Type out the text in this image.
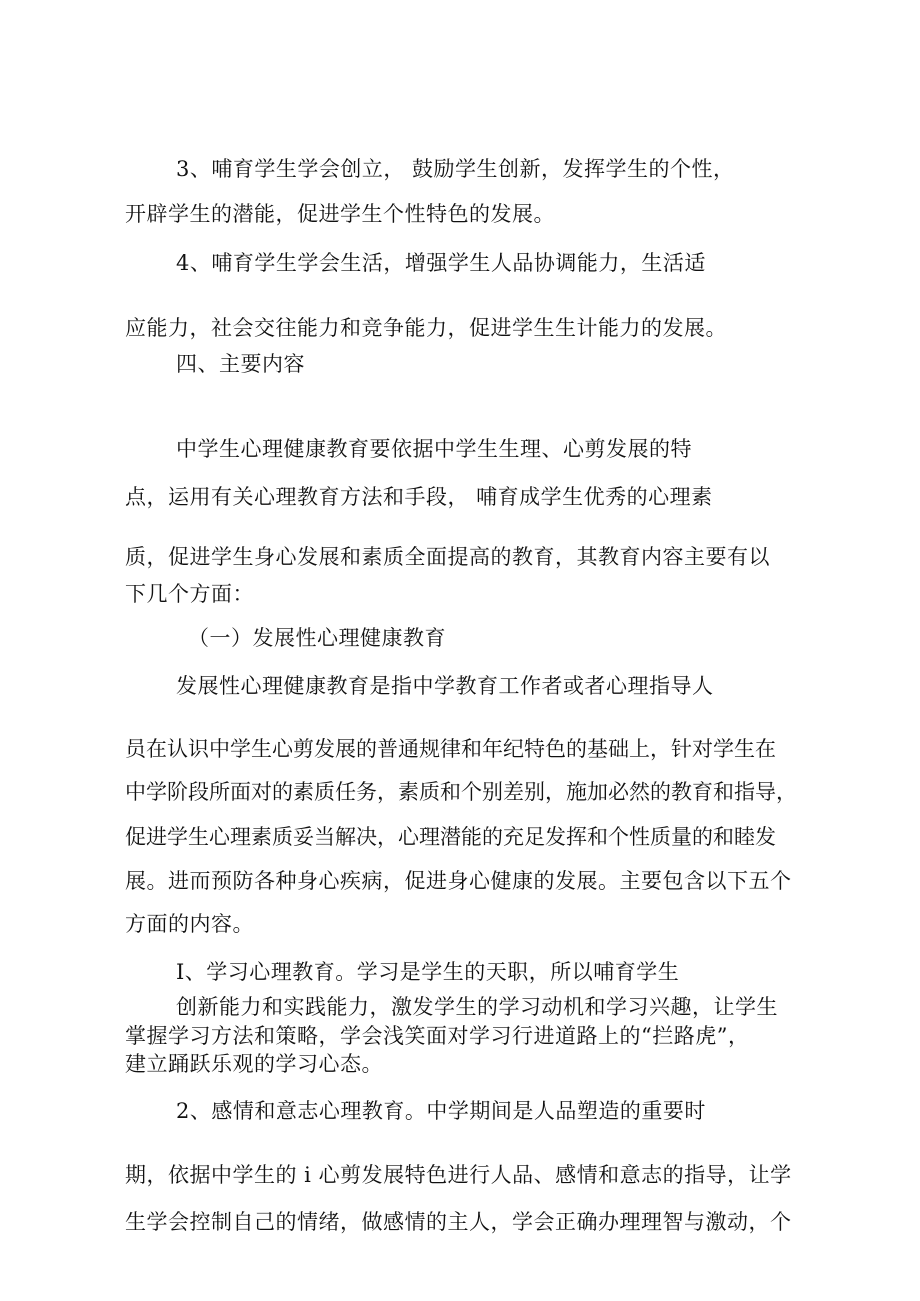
3、哺育学生学会创立， 鼓励学生创新，发挥学生的个性，
开辟学生的潜能，促进学生个性特色的发展。
4、哺育学生学会生活，增强学生人品协调能力，生活适
应能力，社会交往能力和竞争能力，促进学生生计能力的发展。
四、主要内容
中学生心理健康教育要依据中学生生理、心剪发展的特
点，运用有关心理教育方法和手段， 哺育成学生优秀的心理素
质，促进学生身心发展和素质全面提高的教育，其教育内容主要有以
下几个方面：
（一）发展性心理健康教育
发展性心理健康教育是指中学教育工作者或者心理指导人
员在认识中学生心剪发展的普通规律和年纪特色的基础上，针对学生在
中学阶段所面对的素质任务，素质和个别差别，施加必然的教育和指导，
促进学生心理素质妥当解决，心理潜能的充足发挥和个性质量的和睦发
展。进而预防各种身心疾病，促进身心健康的发展。主要包含以下五个
方面的内容。
I、学习心理教育。学习是学生的天职，所以哺育学生
创新能力和实践能力，激发学生的学习动机和学习兴趣，让学生
掌握学习方法和策略，学会浅笑面对学习行进道路上的“拦路虎”，
建立踊跃乐观的学习心态。
2、感情和意志心理教育。中学期间是人品塑造的重要时
期，依据中学生的 i 心剪发展特色进行人品、感情和意志的指导，让学
生学会控制自己的情绪，做感情的主人，学会正确办理理智与激动，个
